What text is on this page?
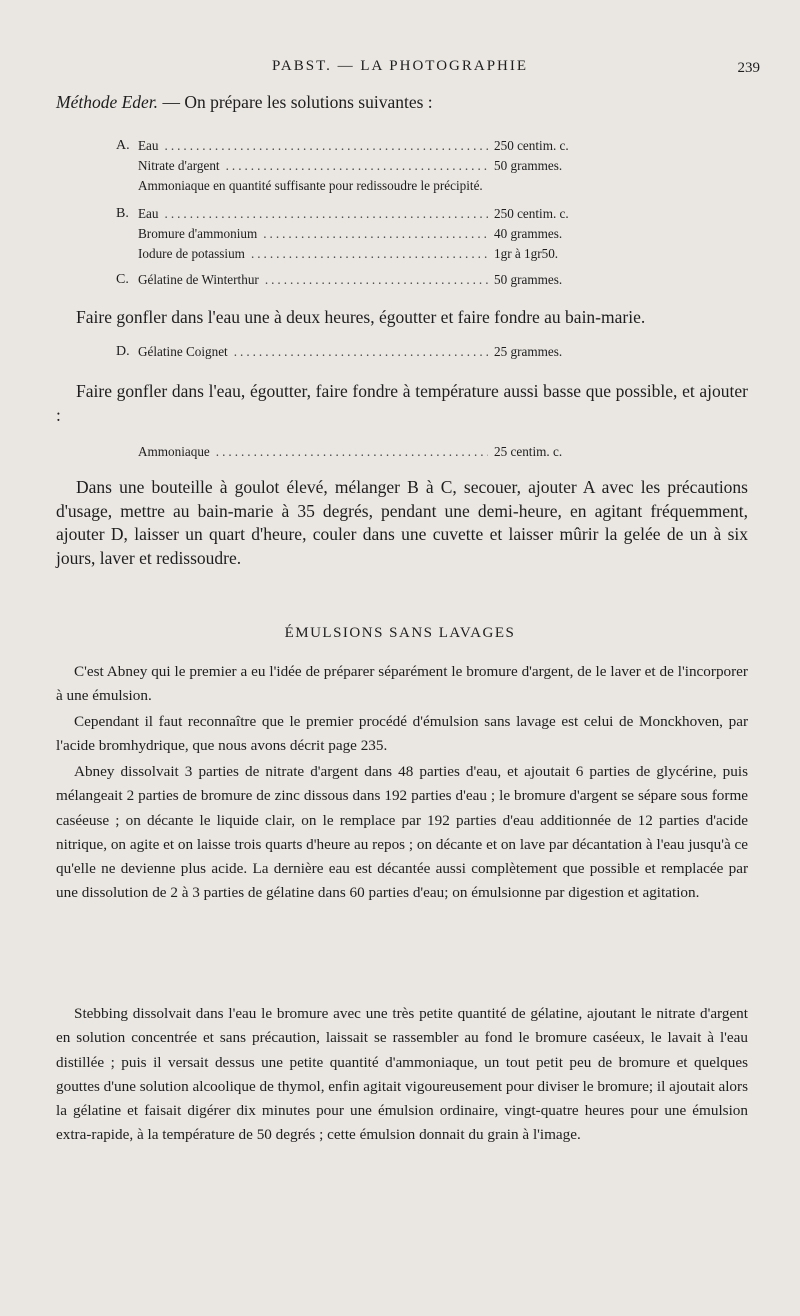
PABST. — LA PHOTOGRAPHIE	239
Méthode Eder. — On prépare les solutions suivantes :
A. Eau .....	250 centim. c.
Nitrate d'argent .....	50 grammes.
Ammoniaque en quantité suffisante pour redissoudre le précipité.
B. Eau .....	250 centim. c.
Bromure d'ammonium .....	40 grammes.
Iodure de potassium .....	1gr à 1gr50.
C. Gélatine de Winterthur .....	50 grammes.
Faire gonfler dans l'eau une à deux heures, égoutter et faire fondre au bain-marie.
D. Gélatine Coignet .....	25 grammes.
Faire gonfler dans l'eau, égoutter, faire fondre à température aussi basse que possible, et ajouter :
Ammoniaque .....	25 centim. c.
Dans une bouteille à goulot élevé, mélanger B à C, secouer, ajouter A avec les précautions d'usage, mettre au bain-marie à 35 degrés, pendant une demi-heure, en agitant fréquemment, ajouter D, laisser un quart d'heure, couler dans une cuvette et laisser mûrir la gelée de un à six jours, laver et redissoudre.
ÉMULSIONS SANS LAVAGES
C'est Abney qui le premier a eu l'idée de préparer séparément le bromure d'argent, de le laver et de l'incorporer à une émulsion.
Cependant il faut reconnaître que le premier procédé d'émulsion sans lavage est celui de Monckhoven, par l'acide bromhydrique, que nous avons décrit page 235.
Abney dissolvait 3 parties de nitrate d'argent dans 48 parties d'eau, et ajoutait 6 parties de glycérine, puis mélangeait 2 parties de bromure de zinc dissous dans 192 parties d'eau ; le bromure d'argent se sépare sous forme caséeuse ; on décante le liquide clair, on le remplace par 192 parties d'eau additionnée de 12 parties d'acide nitrique, on agite et on laisse trois quarts d'heure au repos ; on décante et on lave par décantation à l'eau jusqu'à ce qu'elle ne devienne plus acide. La dernière eau est décantée aussi complètement que possible et remplacée par une dissolution de 2 à 3 parties de gélatine dans 60 parties d'eau; on émulsionne par digestion et agitation.
Stebbing dissolvait dans l'eau le bromure avec une très petite quantité de gélatine, ajoutant le nitrate d'argent en solution concentrée et sans précaution, laissait se rassembler au fond le bromure caséeux, le lavait à l'eau distillée ; puis il versait dessus une petite quantité d'ammoniaque, un tout petit peu de bromure et quelques gouttes d'une solution alcoolique de thymol, enfin agitait vigoureusement pour diviser le bromure; il ajoutait alors la gélatine et faisait digérer dix minutes pour une émulsion ordinaire, vingt-quatre heures pour une émulsion extra-rapide, à la température de 50 degrés ; cette émulsion donnait du grain à l'image.
